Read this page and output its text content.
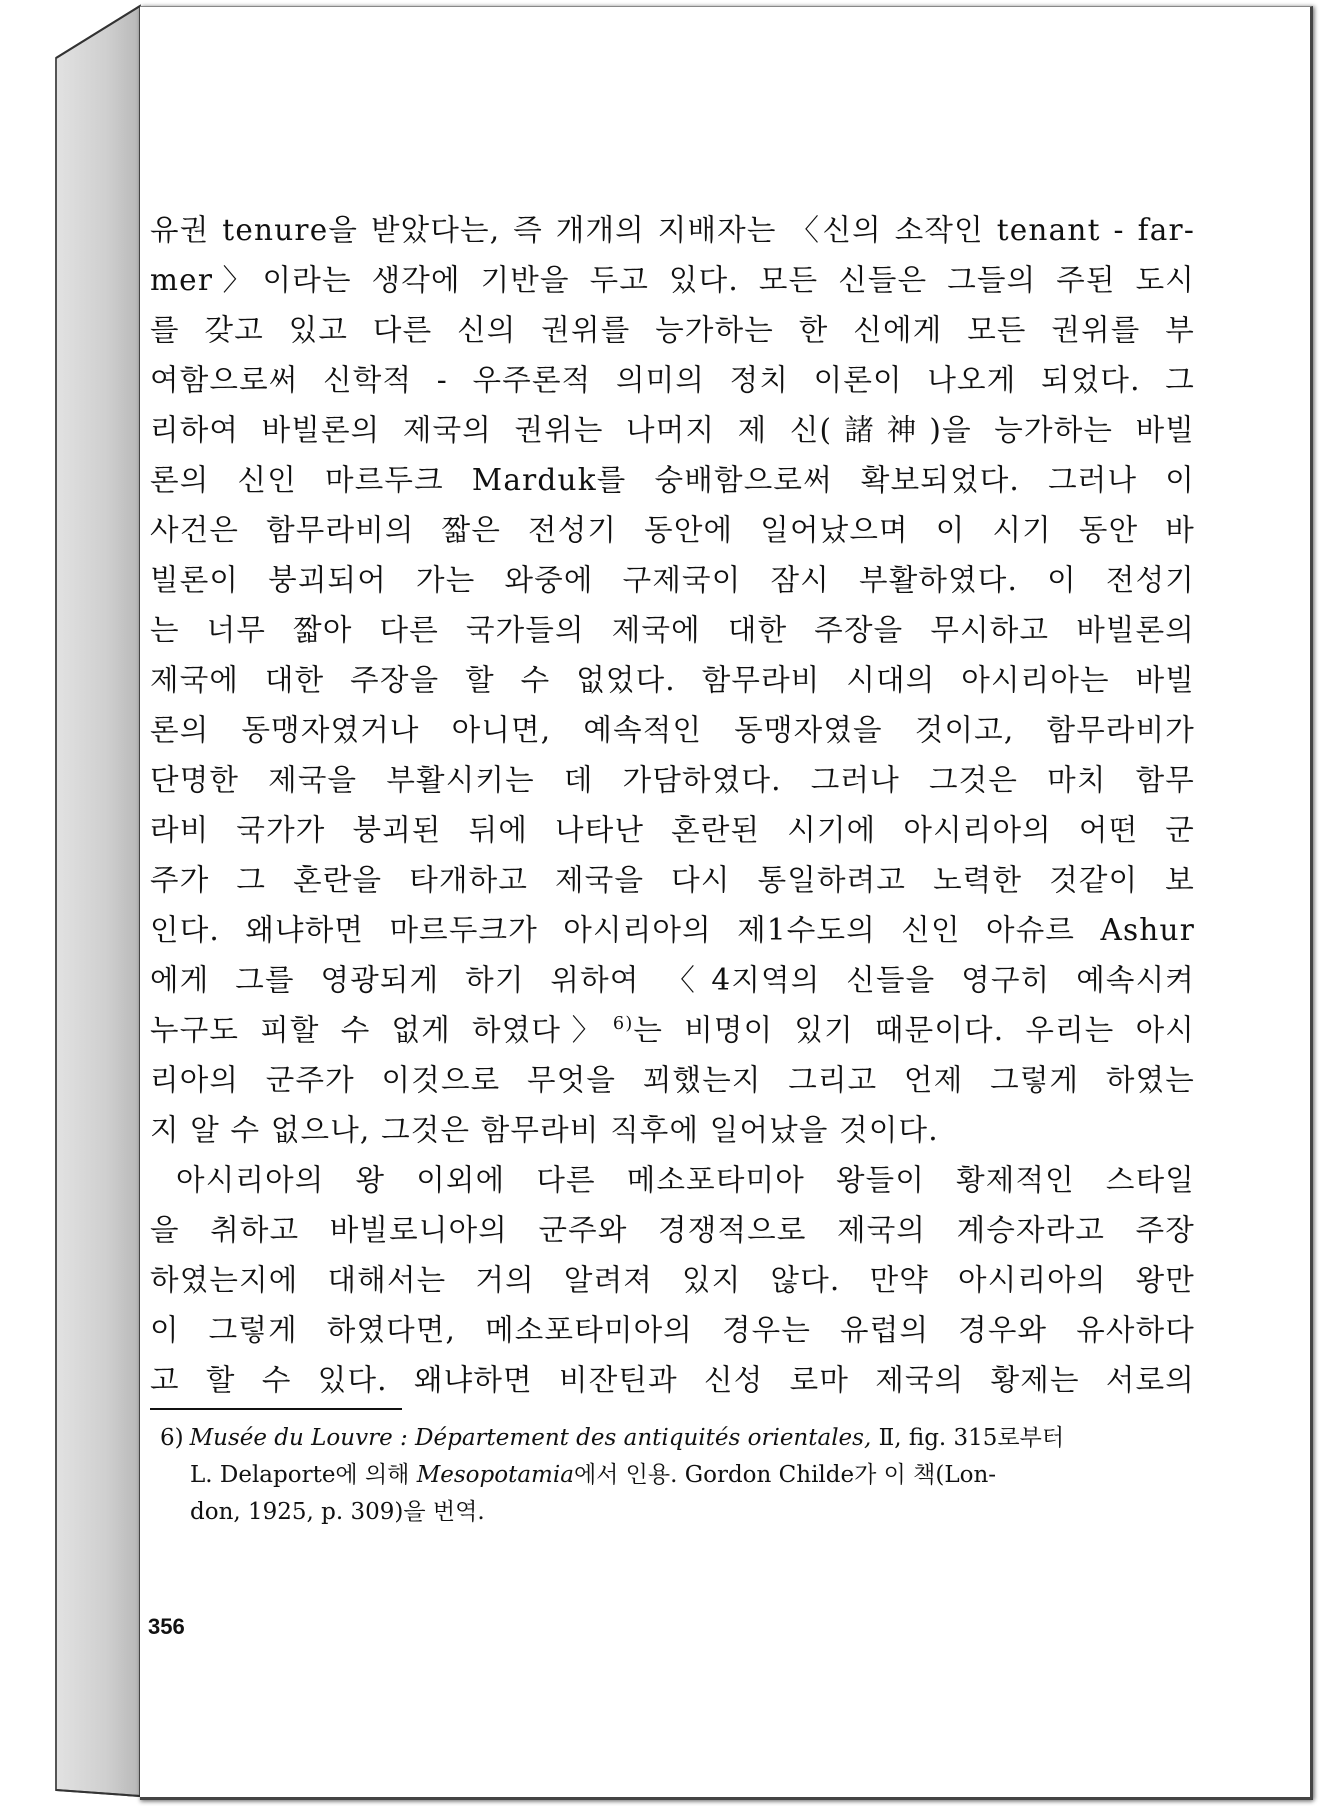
유권 tenure을 받았다는, 즉 개개의 지배자는 〈신의 소작인 tenant - far-
mer〉이라는 생각에 기반을 두고 있다. 모든 신들은 그들의 주된 도시
를 갖고 있고 다른 신의 권위를 능가하는 한 신에게 모든 권위를 부
여함으로써 신학적 - 우주론적 의미의 정치 이론이 나오게 되었다. 그
리하여 바빌론의 제국의 권위는 나머지 제 신(諸神)을 능가하는 바빌
론의 신인 마르두크 Marduk를 숭배함으로써 확보되었다. 그러나 이
사건은 함무라비의 짧은 전성기 동안에 일어났으며 이 시기 동안 바
빌론이 붕괴되어 가는 와중에 구제국이 잠시 부활하였다. 이 전성기
는 너무 짧아 다른 국가들의 제국에 대한 주장을 무시하고 바빌론의
제국에 대한 주장을 할 수 없었다. 함무라비 시대의 아시리아는 바빌
론의 동맹자였거나 아니면, 예속적인 동맹자였을 것이고, 함무라비가
단명한 제국을 부활시키는 데 가담하였다. 그러나 그것은 마치 함무
라비 국가가 붕괴된 뒤에 나타난 혼란된 시기에 아시리아의 어떤 군
주가 그 혼란을 타개하고 제국을 다시 통일하려고 노력한 것같이 보
인다. 왜냐하면 마르두크가 아시리아의 제1수도의 신인 아슈르 Ashur
에게 그를 영광되게 하기 위하여 〈4지역의 신들을 영구히 예속시켜
누구도 피할 수 없게 하였다〉$^{6)}$는 비명이 있기 때문이다. 우리는 아시
리아의 군주가 이것으로 무엇을 꾀했는지 그리고 언제 그렇게 하였는
지 알 수 없으나, 그것은 함무라비 직후에 일어났을 것이다.
아시리아의 왕 이외에 다른 메소포타미아 왕들이 황제적인 스타일
을 취하고 바빌로니아의 군주와 경쟁적으로 제국의 계승자라고 주장
하였는지에 대해서는 거의 알려져 있지 않다. 만약 아시리아의 왕만
이 그렇게 하였다면, 메소포타미아의 경우는 유럽의 경우와 유사하다
고 할 수 있다. 왜냐하면 비잔틴과 신성 로마 제국의 황제는 서로의
6) Musée du Louvre : Département des antiquités orientales, Ⅱ, fig. 315로부터
L. Delaporte에 의해 Mesopotamia에서 인용. Gordon Childe가 이 책(Lon-
don, 1925, p. 309)을 번역.
356
